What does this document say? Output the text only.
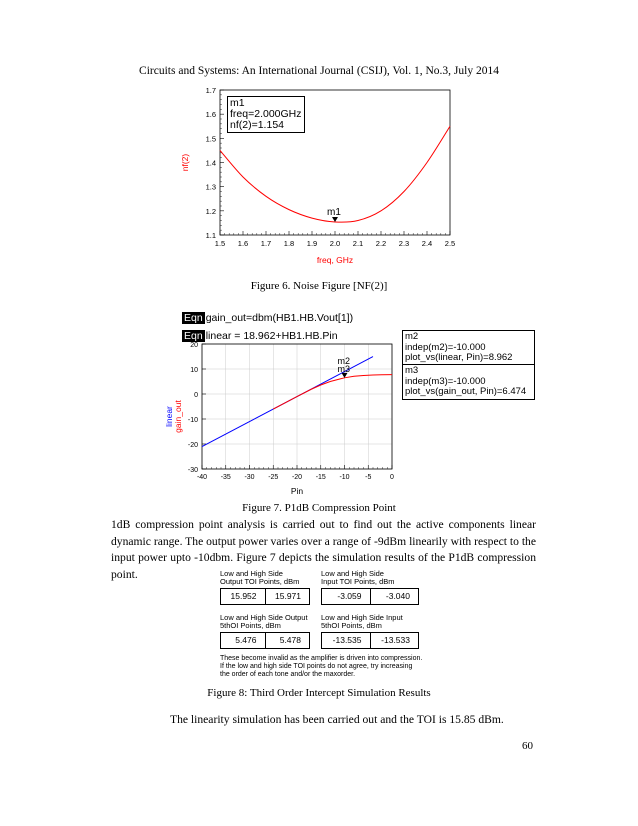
Circuits and Systems: An International Journal (CSIJ), Vol. 1, No.3, July 2014
1.5 1.6 1.7 1.8 1.9 2.0 2.1 2.2 2.3 2.4 2.5
1.1
1.2
1.3
1.4
1.5
1.6
1.7
m1
freq, GHz
nf(2)
m1
freq=2.000GHz
nf(2)=1.154
Figure 6. Noise Figure [NF(2)]
Eqn gain_out=dbm(HB1.HB.Vout[1])
Eqn linear = 18.962+HB1.HB.Pin
-40 -35 -30 -25 -20 -15 -10 -5	0
-30
-20
-10
0
10
20
m2
m3
Pin
linear gain_out
m2
indep(m2)=-10.000
plot_vs(linear, Pin)=8.962
m3
indep(m3)=-10.000
plot_vs(gain_out, Pin)=6.474
Figure 7. P1dB Compression Point
1dB compression point analysis is carried out to find out the active components linear dynamic range. The output power varies over a range of -9dBm linearily with respect to the input power upto -10dbm. Figure 7 depicts the simulation results of the P1dB compression point.	Low and High Side
Output TOI Points, dBm
15.952	15.971
Low and High Side
Input TOI Points, dBm
-3.059	-3.040
Low and High Side Output
5thOI Points, dBm
5.476	5.478
Low and High Side Input
5thOI Points, dBm
-13.535	-13.533
These become invalid as the amplifier is driven into compression.
If the low and high side TOI points do not agree, try increasing
the order of each tone and/or the maxorder.
Figure 8: Third Order Intercept Simulation Results
The linearity simulation has been carried out and the TOI is 15.85 dBm.
60
